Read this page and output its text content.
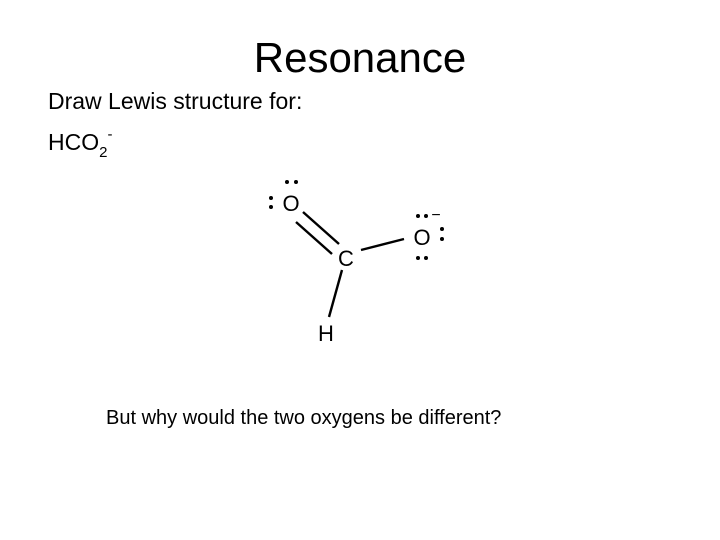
Resonance
Draw Lewis structure for:
$HCO_2^-$
O
C
O
H
−
But why would the two oxygens be different?
